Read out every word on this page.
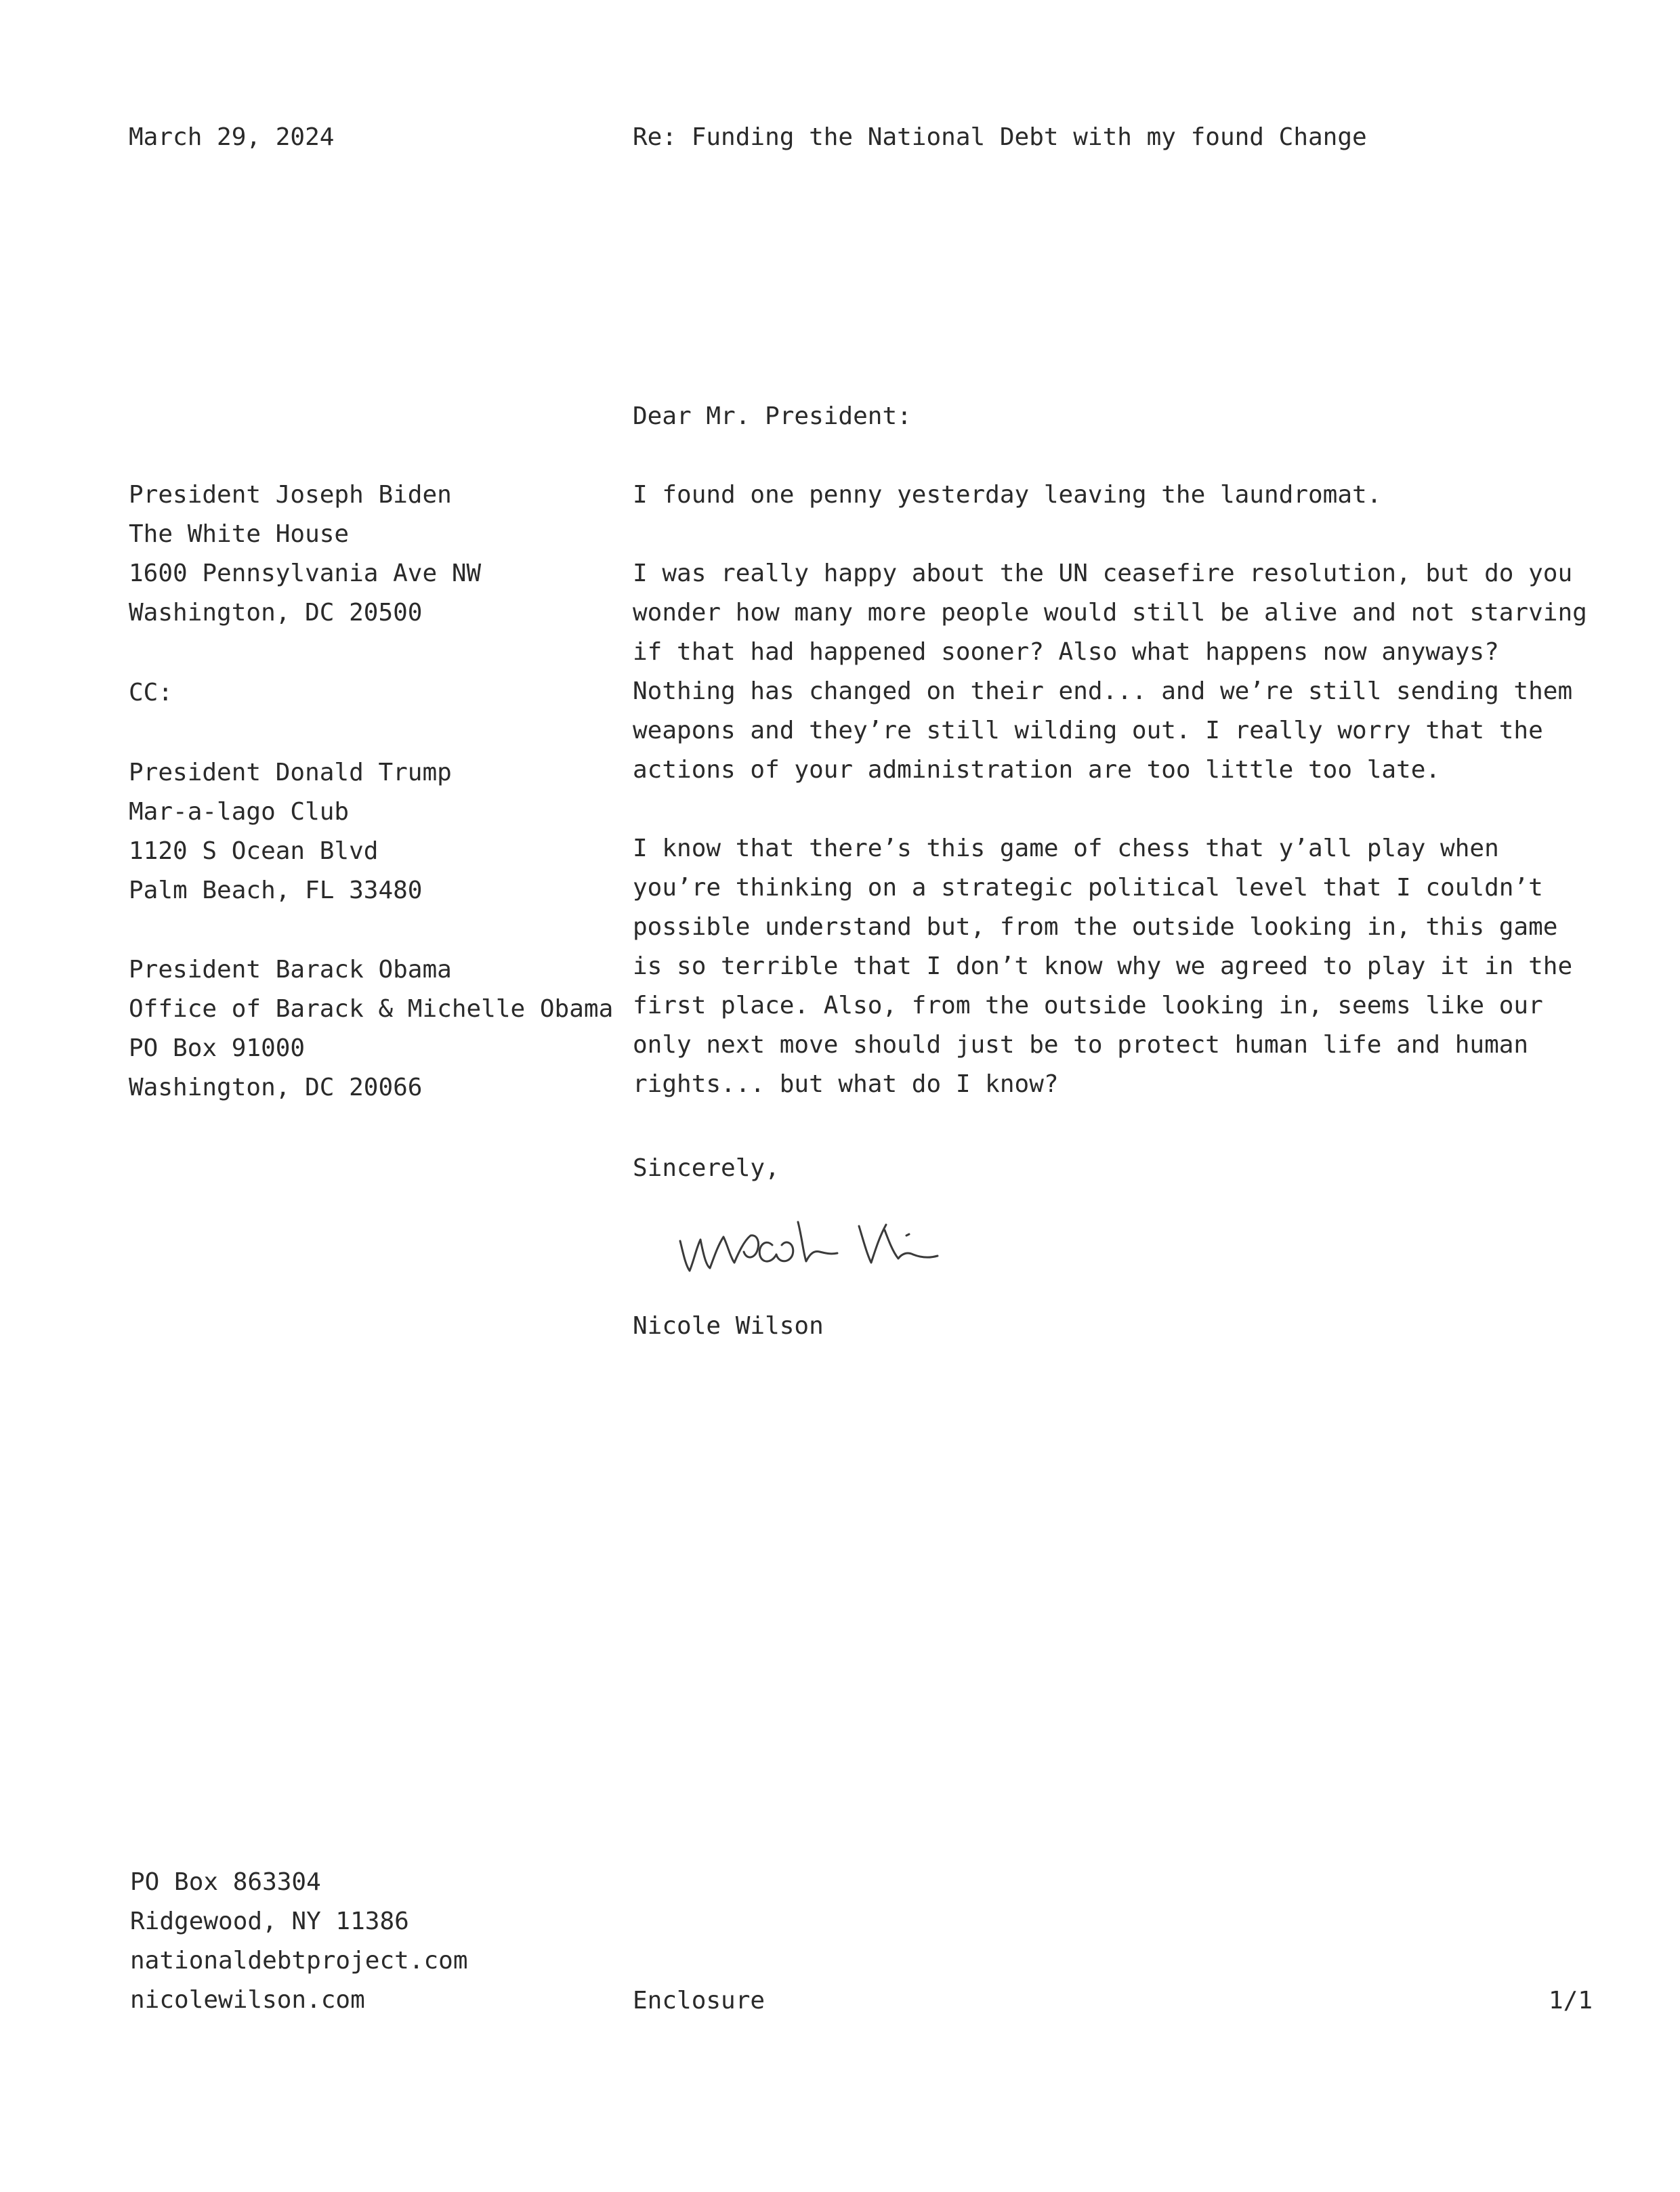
March 29, 2024	Re: Funding the National Debt with my found Change
Dear Mr. President:
President Joseph Biden
The White House
1600 Pennsylvania Ave NW
Washington, DC 20500
CC:
President Donald Trump
Mar-a-lago Club
1120 S Ocean Blvd
Palm Beach, FL 33480
President Barack Obama
Office of Barack & Michelle Obama
PO Box 91000
Washington, DC 20066

I found one penny yesterday leaving the laundromat.

I was really happy about the UN ceasefire resolution, but do you wonder how many more people would still be alive and not starving if that had happened sooner? Also what happens now anyways? Nothing has changed on their end... and we’re still sending them weapons and they’re still wilding out. I really worry that the actions of your administration are too little too late.

I know that there’s this game of chess that y’all play when you’re thinking on a strategic political level that I couldn’t possible understand but, from the outside looking in, this game is so terrible that I don’t know why we agreed to play it in the first place. Also, from the outside looking in, seems like our only next move should just be to protect human life and human rights... but what do I know?

Sincerely,
Nicole Wilson
PO Box 863304
Ridgewood, NY 11386
nationaldebtproject.com
nicolewilson.com	Enclosure	1/1
